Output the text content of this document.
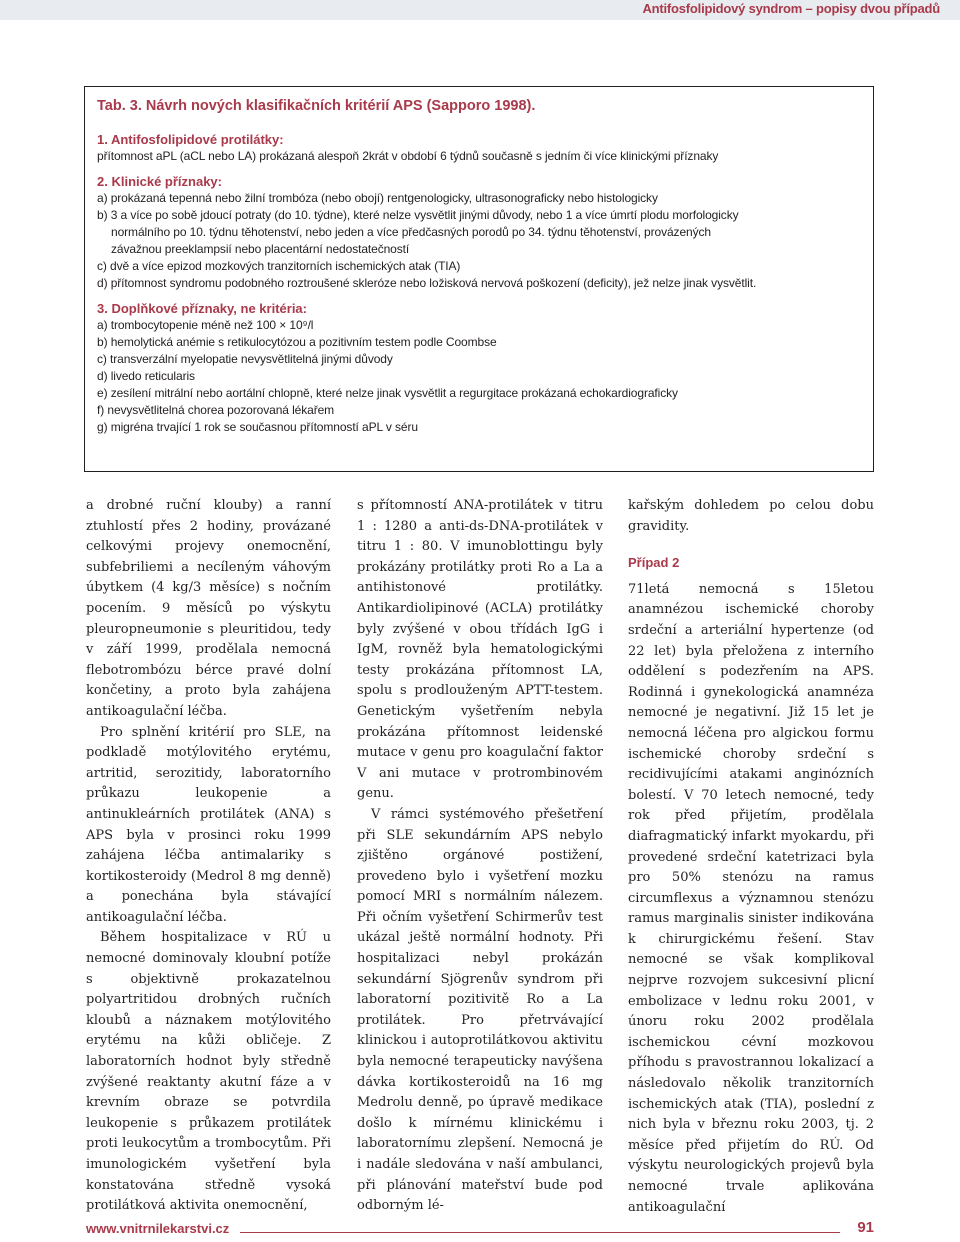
Antifosfolipidový syndrom – popisy dvou případů
Tab. 3. Návrh nových klasifikačních kritérií APS (Sapporo 1998).
1. Antifosfolipidové protilátky:
přítomnost aPL (aCL nebo LA) prokázaná alespoň 2krát v období 6 týdnů současně s jedním či více klinickými příznaky
2. Klinické příznaky:
a) prokázaná tepenná nebo žilní trombóza (nebo obojí) rentgenologicky, ultrasonograficky nebo histologicky
b) 3 a více po sobě jdoucí potraty (do 10. týdne), které nelze vysvětlit jinými důvody, nebo 1 a více úmrtí plodu morfologicky
normálního po 10. týdnu těhotenství, nebo jeden a více předčasných porodů po 34. týdnu těhotenství, provázených
závažnou preeklampsií nebo placentární nedostatečností
c) dvě a více epizod mozkových tranzitorních ischemických atak (TIA)
d) přítomnost syndromu podobného roztroušené skleróze nebo ložisková nervová poškození (deficity), jež nelze jinak vysvětlit.
3. Doplňkové příznaky, ne kritéria:
a) trombocytopenie méně než 100 × 10⁹/l
b) hemolytická anémie s retikulocytózou a pozitivním testem podle Coombse
c) transverzální myelopatie nevysvětlitelná jinými důvody
d) livedo reticularis
e) zesílení mitrální nebo aortální chlopně, které nelze jinak vysvětlit a regurgitace prokázaná echokardiograficky
f) nevysvětlitelná chorea pozorovaná lékařem
g) migréna trvající 1 rok se současnou přítomností aPL v séru

a drobné ruční klouby) a ranní ztuhlostí přes 2 hodiny, provázané celkovými projevy onemocnění, subfebriliemi a necíleným váhovým úbytkem (4 kg/3 měsíce) s nočním pocením. 9 měsíců po výskytu pleuropneumonie s pleuritidou, tedy v září 1999, prodělala nemocná flebotrombózu bérce pravé dolní končetiny, a proto byla zahájena antikoagulační léčba.

Pro splnění kritérií pro SLE, na podkladě motýlovitého erytému, artritid, serozitidy, laboratorního průkazu leukopenie a antinukleárních protilátek (ANA) s APS byla v prosinci roku 1999 zahájena léčba antimalariky s kortikosteroidy (Medrol 8 mg denně) a ponechána byla stávající antikoagulační léčba.

Během hospitalizace v RÚ u nemocné dominovaly kloubní potíže s objektivně prokazatelnou polyartritidou drobných ručních kloubů a náznakem motýlovitého erytému na kůži obličeje. Z laboratorních hodnot byly středně zvýšené reaktanty akutní fáze a v krevním obraze se potvrdila leukopenie s průkazem protilátek proti leukocytům a trombocytům. Při imunologickém vyšetření byla konstatována středně vysoká protilátková aktivita onemocnění,

s přítomností ANA-protilátek v titru 1 : 1280 a anti-ds-DNA-protilátek v titru 1 : 80. V imunoblottingu byly prokázány protilátky proti Ro a La a antihistonové protilátky. Antikardiolipinové (ACLA) protilátky byly zvýšené v obou třídách IgG i IgM, rovněž byla hematologickými testy prokázána přítomnost LA, spolu s prodlouženým APTT-testem. Genetickým vyšetřením nebyla prokázána přítomnost leidenské mutace v genu pro koagulační faktor V ani mutace v protrombinovém genu.

V rámci systémového přešetření při SLE sekundárním APS nebylo zjištěno orgánové postižení, provedeno bylo i vyšetření mozku pomocí MRI s normálním nálezem. Při očním vyšetření Schirmerův test ukázal ještě normální hodnoty. Při hospitalizaci nebyl prokázán sekundární Sjögrenův syndrom při laboratorní pozitivitě Ro a La protilátek. Pro přetrvávající klinickou i autoprotilátkovou aktivitu byla nemocné terapeuticky navýšena dávka kortikosteroidů na 16 mg Medrolu denně, po úpravě medikace došlo k mírnému klinickému i laboratornímu zlepšení. Nemocná je i nadále sledována v naší ambulanci, při plánování mateřství bude pod odborným lé-

kařským dohledem po celou dobu gravidity.

Případ 2

71letá nemocná s 15letou anamnézou ischemické choroby srdeční a arteriální hypertenze (od 22 let) byla přeložena z interního oddělení s podezřením na APS. Rodinná i gynekologická anamnéza nemocné je negativní. Již 15 let je nemocná léčena pro algickou formu ischemické choroby srdeční s recidivujícími atakami anginózních bolestí. V 70 letech nemocné, tedy rok před přijetím, prodělala diafragmatický infarkt myokardu, při provedené srdeční katetrizaci byla pro 50% stenózu na ramus circumflexus a významnou stenózu ramus marginalis sinister indikována k chirurgickému řešení. Stav nemocné se však komplikoval nejprve rozvojem sukcesivní plicní embolizace v lednu roku 2001, v únoru roku 2002 prodělala ischemickou cévní mozkovou příhodu s pravostrannou lokalizací a následovalo několik tranzitorních ischemických atak (TIA), poslední z nich byla v březnu roku 2003, tj. 2 měsíce před přijetím do RÚ. Od výskytu neurologických projevů byla nemocné trvale aplikována antikoagulační

www.vnitrnilekarstvi.cz	91
